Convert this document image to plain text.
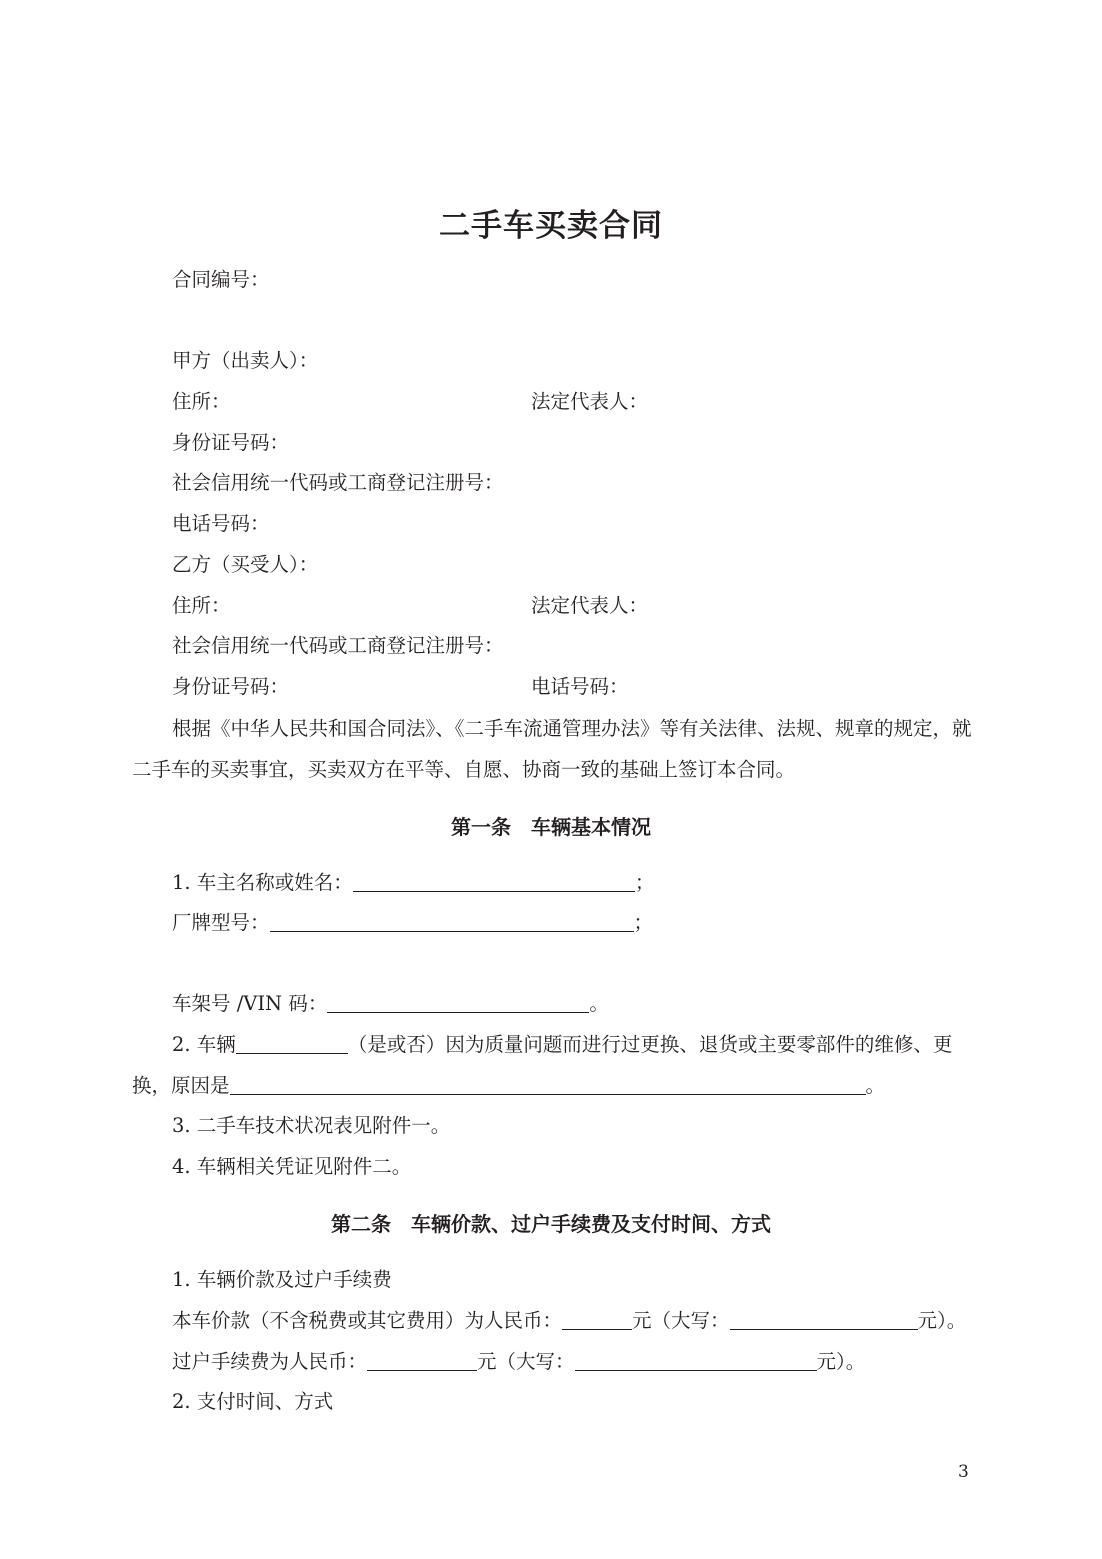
二手车买卖合同
合同编号：
甲方（出卖人）：
住所：	法定代表人：
身份证号码：
社会信用统一代码或工商登记注册号：
电话号码：
乙方（买受人）：
住所：	法定代表人：
社会信用统一代码或工商登记注册号：
身份证号码：	电话号码：
根据《中华人民共和国合同法》、《二手车流通管理办法》等有关法律、法规、规章的规定，就二手车的买卖事宜，买卖双方在平等、自愿、协商一致的基础上签订本合同。
第一条　车辆基本情况
1. 车主名称或姓名：	；
厂牌型号：	；
车架号 /VIN 码：	。
2. 车辆	（是或否）因为质量问题而进行过更换、退货或主要零部件的维修、更
换，原因是	。
3. 二手车技术状况表见附件一。
4. 车辆相关凭证见附件二。
第二条　车辆价款、过户手续费及支付时间、方式
1. 车辆价款及过户手续费
本车价款（不含税费或其它费用）为人民币：	元（大写：	元）。
过户手续费为人民币：	元（大写：	元）。
2. 支付时间、方式
3
